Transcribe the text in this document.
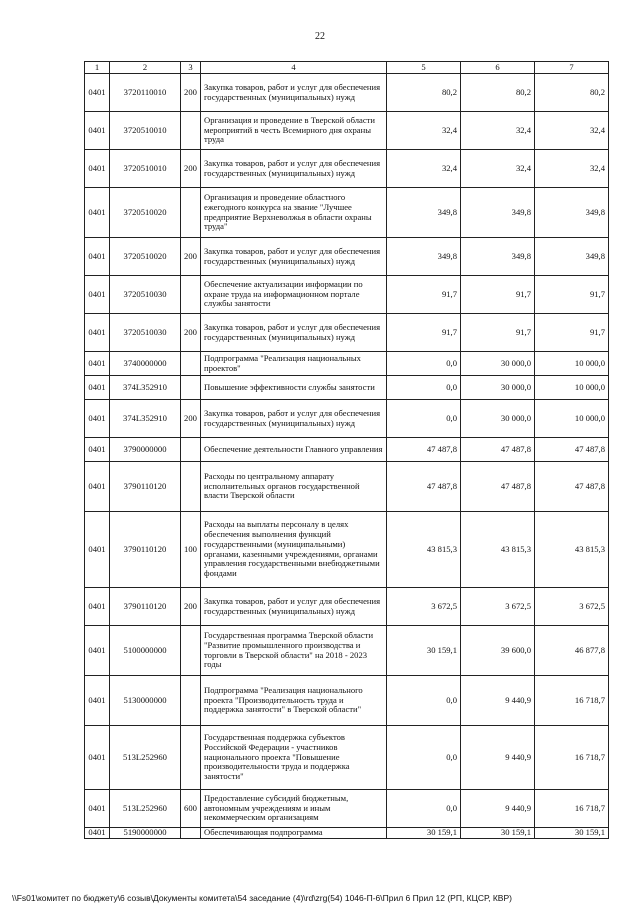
22
1	2	3	4	5	6	7
0401	3720110010	200	Закупка товаров, работ и услуг для обеспечения государственных (муниципальных) нужд	80,2	80,2	80,2
0401	3720510010		Организация и проведение в Тверской области мероприятий в честь Всемирного дня охраны труда	32,4	32,4	32,4
0401	3720510010	200	Закупка товаров, работ и услуг для обеспечения государственных (муниципальных) нужд	32,4	32,4	32,4
0401	3720510020		Организация и проведение областного ежегодного конкурса на звание "Лучшее предприятие Верхневолжья в области охраны труда"	349,8	349,8	349,8
0401	3720510020	200	Закупка товаров, работ и услуг для обеспечения государственных (муниципальных) нужд	349,8	349,8	349,8
0401	3720510030		Обеспечение актуализации информации по охране труда на информационном портале службы занятости	91,7	91,7	91,7
0401	3720510030	200	Закупка товаров, работ и услуг для обеспечения государственных (муниципальных) нужд	91,7	91,7	91,7
0401	3740000000		Подпрограмма "Реализация национальных проектов"	0,0	30 000,0	10 000,0
0401	374L352910		Повышение эффективности службы занятости	0,0	30 000,0	10 000,0
0401	374L352910	200	Закупка товаров, работ и услуг для обеспечения государственных (муниципальных) нужд	0,0	30 000,0	10 000,0
0401	3790000000		Обеспечение деятельности Главного управления	47 487,8	47 487,8	47 487,8
0401	3790110120		Расходы по центральному аппарату исполнительных органов государственной власти Тверской области	47 487,8	47 487,8	47 487,8
0401	3790110120	100	Расходы на выплаты персоналу в целях обеспечения выполнения функций государственными (муниципальными) органами, казенными учреждениями, органами управления государственными внебюджетными фондами	43 815,3	43 815,3	43 815,3
0401	3790110120	200	Закупка товаров, работ и услуг для обеспечения государственных (муниципальных) нужд	3 672,5	3 672,5	3 672,5
0401	5100000000		Государственная программа Тверской области "Развитие промышленного производства и торговли в Тверской области" на 2018 - 2023 годы	30 159,1	39 600,0	46 877,8
0401	5130000000		Подпрограмма "Реализация национального проекта "Производительность труда и поддержка занятости" в Тверской области"	0,0	9 440,9	16 718,7
0401	513L252960		Государственная поддержка субъектов Российской Федерации - участников национального проекта "Повышение производительности труда и поддержка занятости"	0,0	9 440,9	16 718,7
0401	513L252960	600	Предоставление субсидий бюджетным, автономным учреждениям и иным некоммерческим организациям	0,0	9 440,9	16 718,7
0401	5190000000		Обеспечивающая подпрограмма	30 159,1	30 159,1	30 159,1
\\Fs01\комитет по бюджету\6 созыв\Документы комитета\54 заседание (4)\rd\zrg(54) 1046-П-6\Прил 6 Прил 12 (РП, КЦСР, КВР)
